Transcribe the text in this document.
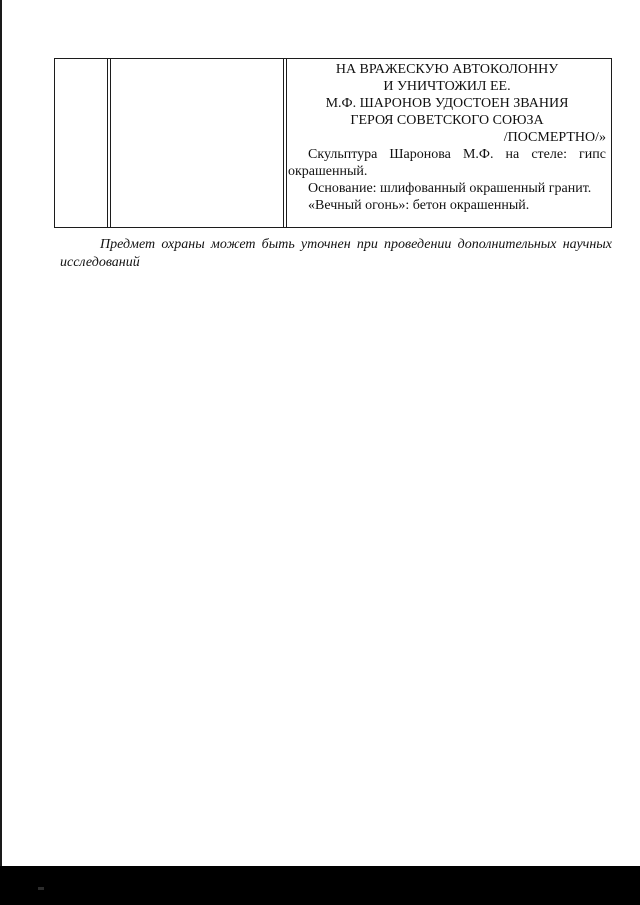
НА ВРАЖЕСКУЮ АВТОКОЛОННУ
И УНИЧТОЖИЛ ЕЕ.
М.Ф. ШАРОНОВ УДОСТОЕН ЗВАНИЯ
ГЕРОЯ СОВЕТСКОГО СОЮЗА
/ПОСМЕРТНО/»

Скульптура Шаронова М.Ф. на стеле: гипс окрашенный.

Основание: шлифованный окрашенный гранит.

«Вечный огонь»: бетон окрашенный.

Предмет охраны может быть уточнен при проведении дополнительных научных исследований
